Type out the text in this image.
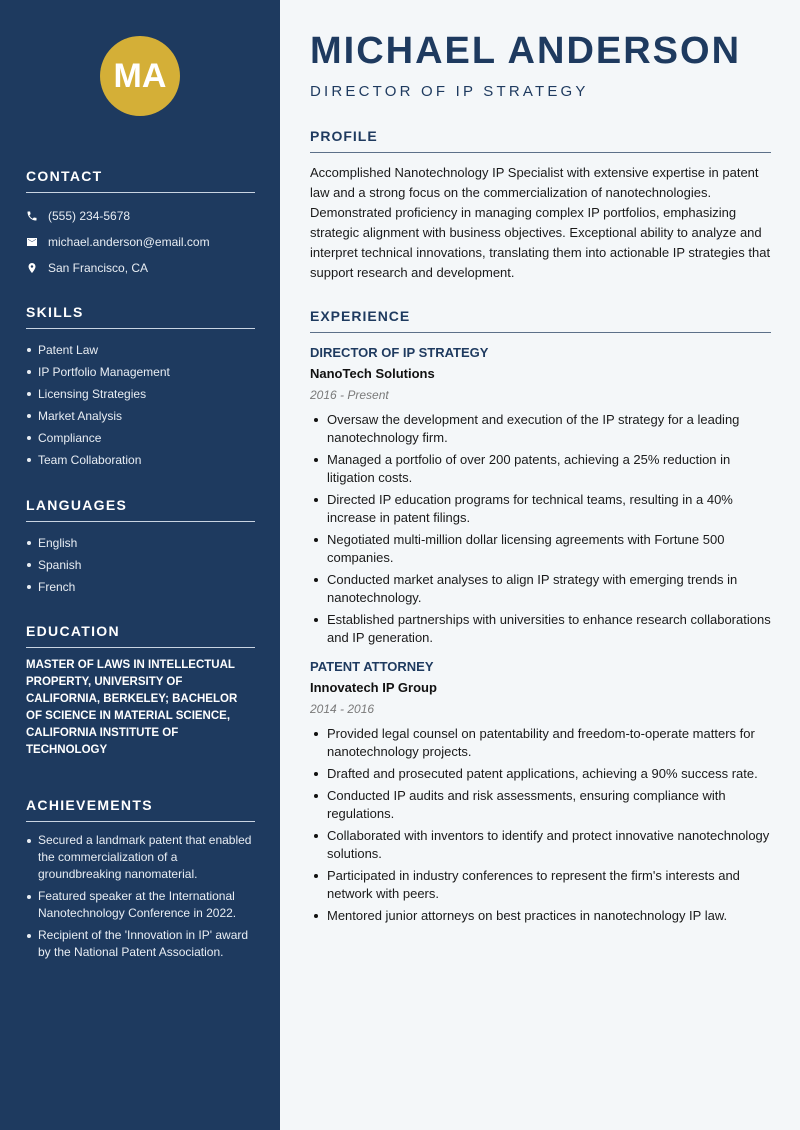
MA
CONTACT
(555) 234-5678
michael.anderson@email.com
San Francisco, CA
SKILLS
Patent Law
IP Portfolio Management
Licensing Strategies
Market Analysis
Compliance
Team Collaboration
LANGUAGES
English
Spanish
French
EDUCATION
MASTER OF LAWS IN INTELLECTUAL PROPERTY, UNIVERSITY OF CALIFORNIA, BERKELEY; BACHELOR OF SCIENCE IN MATERIAL SCIENCE, CALIFORNIA INSTITUTE OF TECHNOLOGY
ACHIEVEMENTS
Secured a landmark patent that enabled the commercialization of a groundbreaking nanomaterial.
Featured speaker at the International Nanotechnology Conference in 2022.
Recipient of the 'Innovation in IP' award by the National Patent Association.
MICHAEL ANDERSON
DIRECTOR OF IP STRATEGY
PROFILE
Accomplished Nanotechnology IP Specialist with extensive expertise in patent law and a strong focus on the commercialization of nanotechnologies. Demonstrated proficiency in managing complex IP portfolios, emphasizing strategic alignment with business objectives. Exceptional ability to analyze and interpret technical innovations, translating them into actionable IP strategies that support research and development.
EXPERIENCE
DIRECTOR OF IP STRATEGY
NanoTech Solutions
2016 - Present
Oversaw the development and execution of the IP strategy for a leading nanotechnology firm.
Managed a portfolio of over 200 patents, achieving a 25% reduction in litigation costs.
Directed IP education programs for technical teams, resulting in a 40% increase in patent filings.
Negotiated multi-million dollar licensing agreements with Fortune 500 companies.
Conducted market analyses to align IP strategy with emerging trends in nanotechnology.
Established partnerships with universities to enhance research collaborations and IP generation.
PATENT ATTORNEY
Innovatech IP Group
2014 - 2016
Provided legal counsel on patentability and freedom-to-operate matters for nanotechnology projects.
Drafted and prosecuted patent applications, achieving a 90% success rate.
Conducted IP audits and risk assessments, ensuring compliance with regulations.
Collaborated with inventors to identify and protect innovative nanotechnology solutions.
Participated in industry conferences to represent the firm's interests and network with peers.
Mentored junior attorneys on best practices in nanotechnology IP law.
